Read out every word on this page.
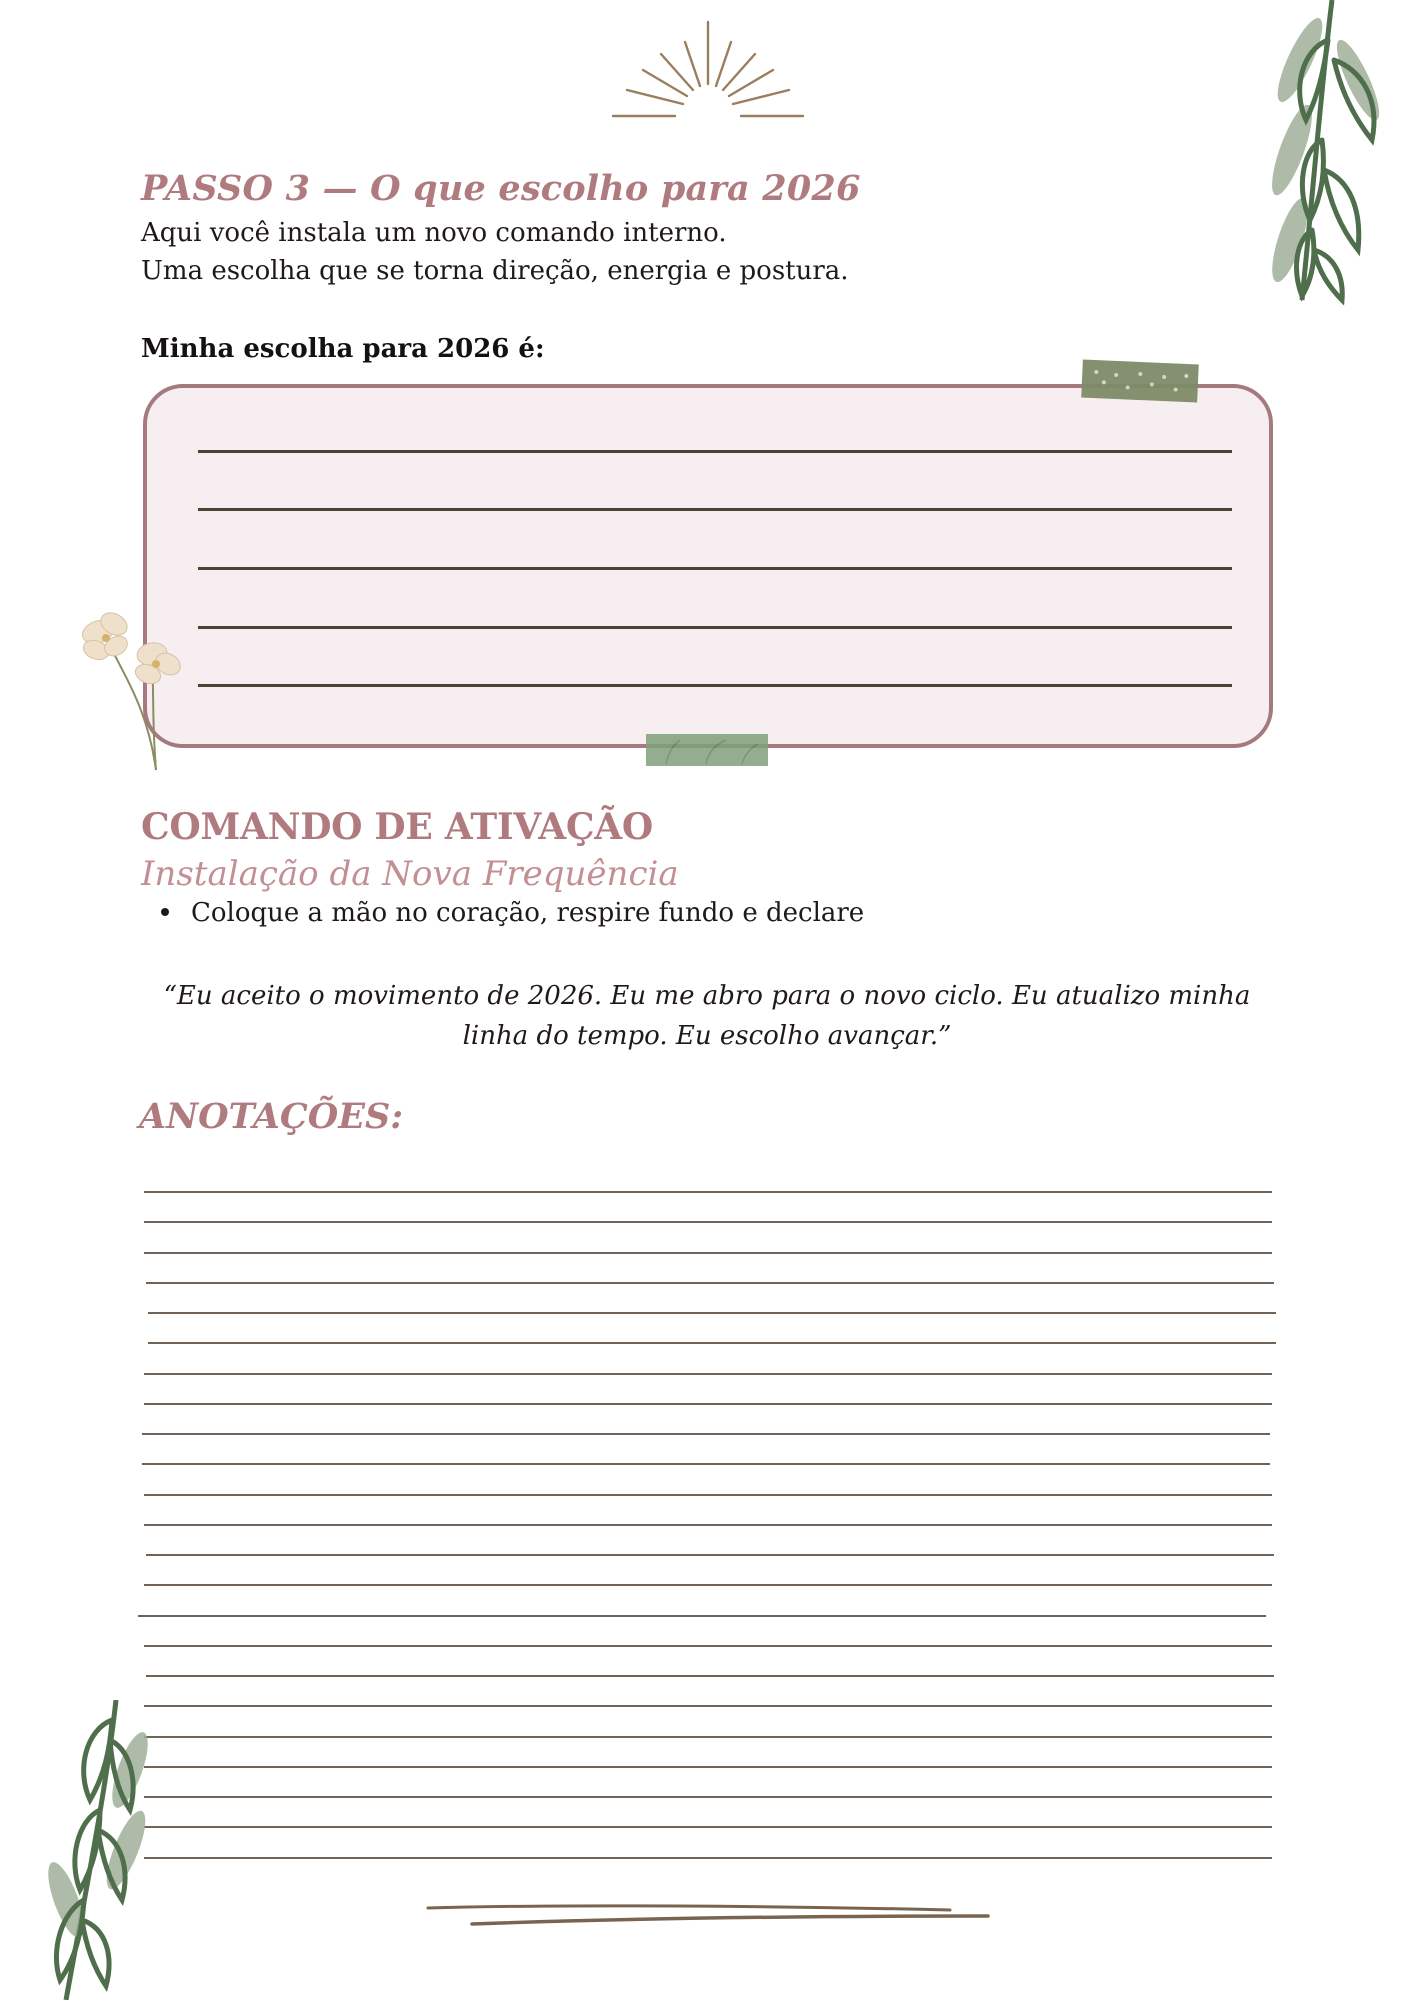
PASSO 3 — O que escolho para 2026
Aqui você instala um novo comando interno.
Uma escolha que se torna direção, energia e postura.
Minha escolha para 2026 é:
COMANDO DE ATIVAÇÃO
Instalação da Nova Frequência
Coloque a mão no coração, respire fundo e declare
“Eu aceito o movimento de 2026. Eu me abro para o novo ciclo. Eu atualizo minha linha do tempo. Eu escolho avançar.”
ANOTAÇÕES:
